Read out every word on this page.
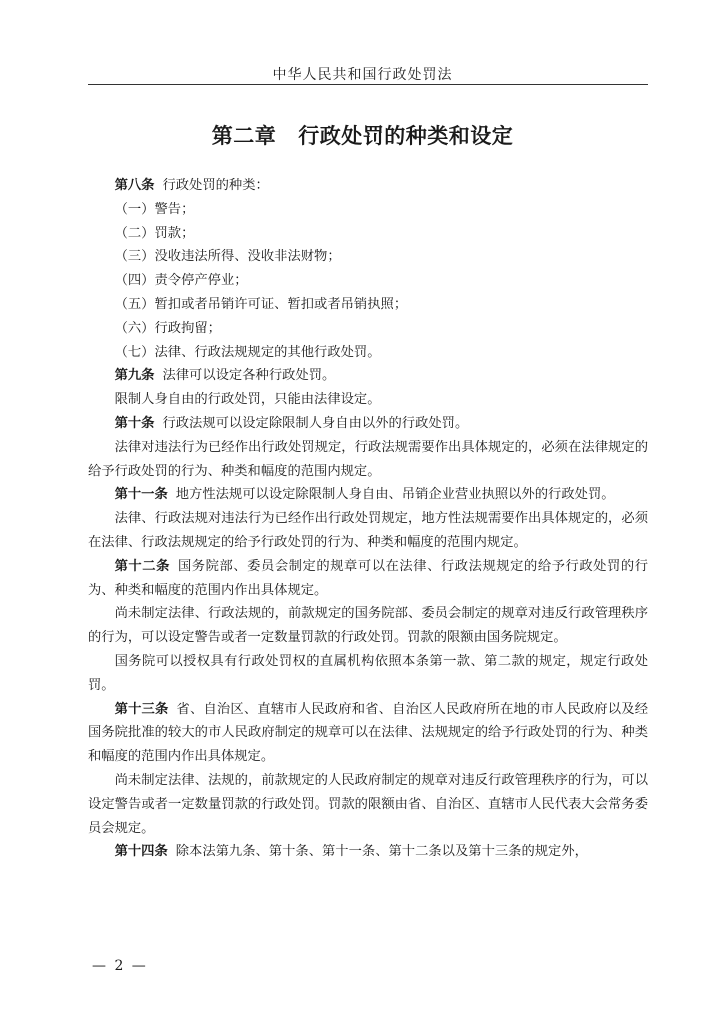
中华人民共和国行政处罚法
第二章 行政处罚的种类和设定

第八条 行政处罚的种类：

（一）警告；

（二）罚款；

（三）没收违法所得、没收非法财物；

（四）责令停产停业；

（五）暂扣或者吊销许可证、暂扣或者吊销执照；

（六）行政拘留；

（七）法律、行政法规规定的其他行政处罚。

第九条 法律可以设定各种行政处罚。

限制人身自由的行政处罚，只能由法律设定。

第十条 行政法规可以设定除限制人身自由以外的行政处罚。

法律对违法行为已经作出行政处罚规定，行政法规需要作出具体规定的，必须在法律规定的给予行政处罚的行为、种类和幅度的范围内规定。

第十一条 地方性法规可以设定除限制人身自由、吊销企业营业执照以外的行政处罚。

法律、行政法规对违法行为已经作出行政处罚规定，地方性法规需要作出具体规定的，必须在法律、行政法规规定的给予行政处罚的行为、种类和幅度的范围内规定。

第十二条 国务院部、委员会制定的规章可以在法律、行政法规规定的给予行政处罚的行为、种类和幅度的范围内作出具体规定。

尚未制定法律、行政法规的，前款规定的国务院部、委员会制定的规章对违反行政管理秩序的行为，可以设定警告或者一定数量罚款的行政处罚。罚款的限额由国务院规定。

国务院可以授权具有行政处罚权的直属机构依照本条第一款、第二款的规定，规定行政处罚。

第十三条 省、自治区、直辖市人民政府和省、自治区人民政府所在地的市人民政府以及经国务院批准的较大的市人民政府制定的规章可以在法律、法规规定的给予行政处罚的行为、种类和幅度的范围内作出具体规定。

尚未制定法律、法规的，前款规定的人民政府制定的规章对违反行政管理秩序的行为，可以设定警告或者一定数量罚款的行政处罚。罚款的限额由省、自治区、直辖市人民代表大会常务委员会规定。

第十四条 除本法第九条、第十条、第十一条、第十二条以及第十三条的规定外，

— 2 —
